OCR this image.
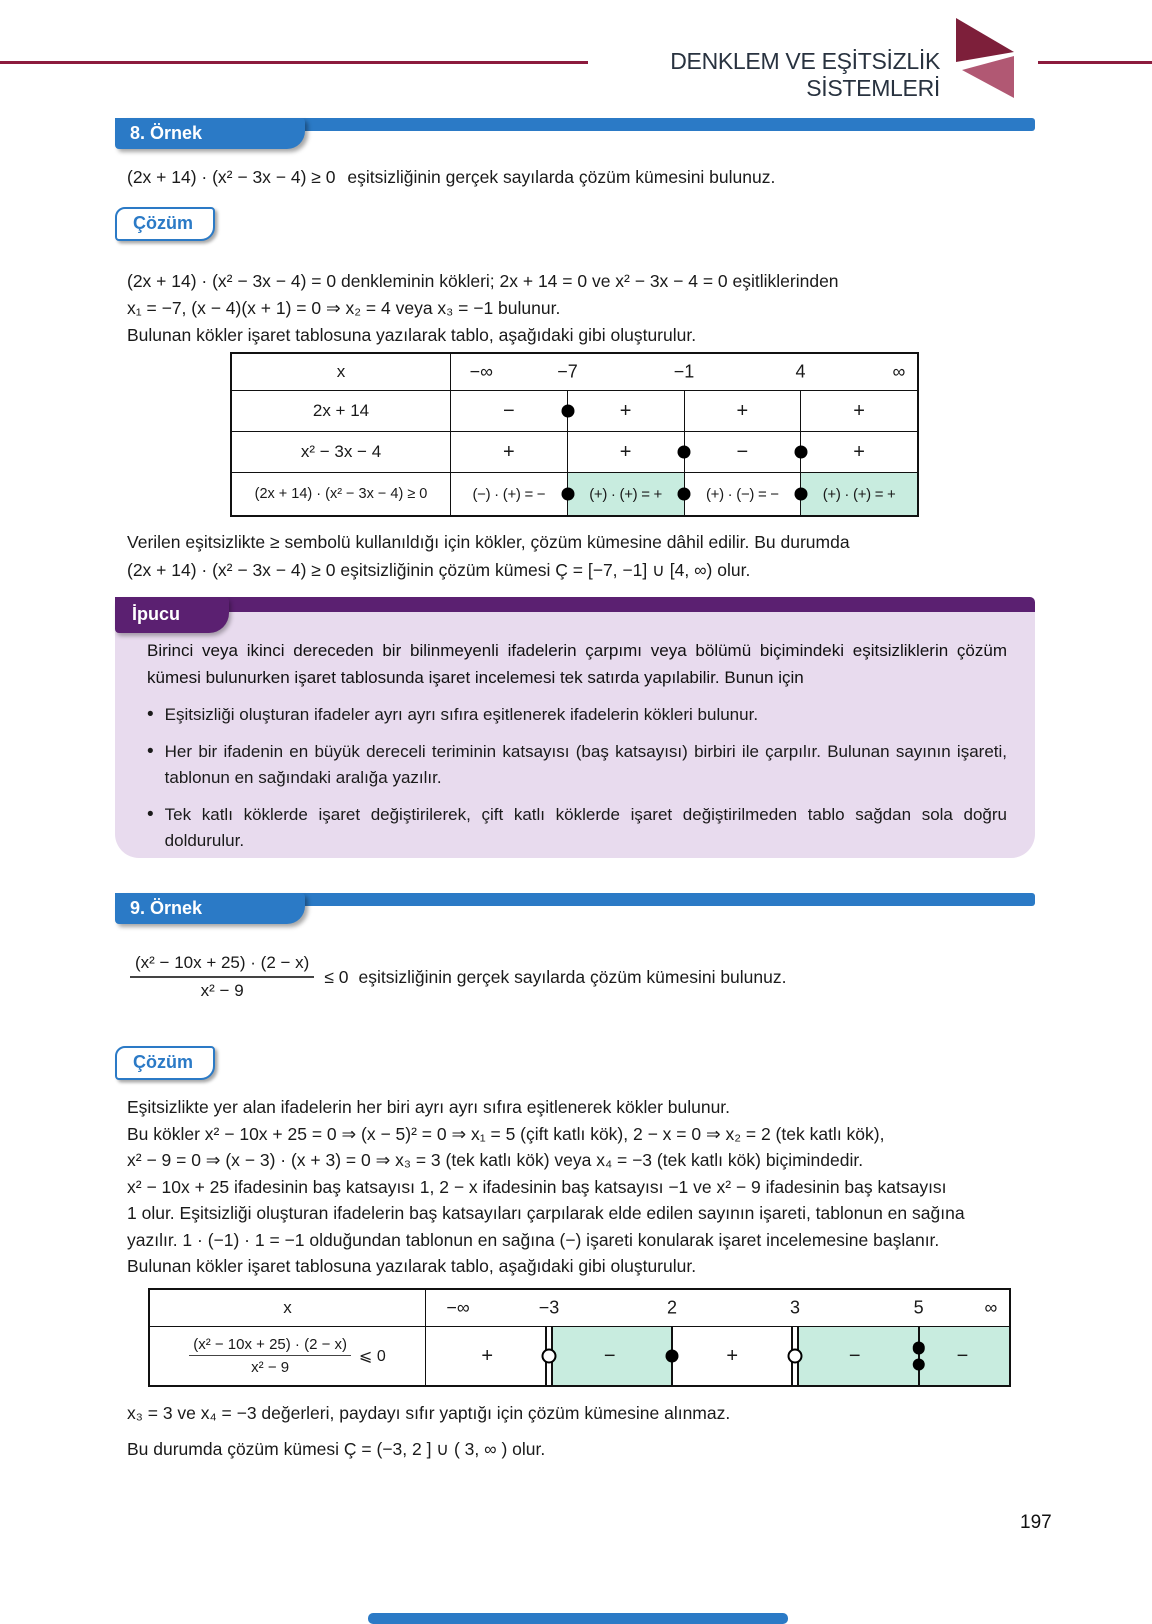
DENKLEM VE EŞİTSİZLİK SİSTEMLERİ
8. Örnek
(2x + 14) · (x² − 3x − 4) ≥ 0 eşitsizliğinin gerçek sayılarda çözüm kümesini bulunuz.
Çözüm
(2x + 14) · (x² − 3x − 4) = 0 denkleminin kökleri; 2x + 14 = 0 ve x² − 3x − 4 = 0 eşitliklerinden
x₁ = −7, (x − 4)(x + 1) = 0 ⇒ x₂ = 4 veya x₃ = −1 bulunur.
Bulunan kökler işaret tablosuna yazılarak tablo, aşağıdaki gibi oluşturulur.
x	−∞	−7	−1	4	∞
2x + 14	−	+	+	+
x² − 3x − 4	+	+	−	+
(2x + 14) · (x² − 3x − 4) ≥ 0	(−) · (+) = −	(+) · (+) = +	(+) · (−) = −	(+) · (+) = +
Verilen eşitsizlikte ≥ sembolü kullanıldığı için kökler, çözüm kümesine dâhil edilir. Bu durumda
(2x + 14) · (x² − 3x − 4) ≥ 0 eşitsizliğinin çözüm kümesi Ç = [−7, −1] ∪ [4, ∞) olur.
Birinci veya ikinci dereceden bir bilinmeyenli ifadelerin çarpımı veya bölümü biçimindeki eşitsizliklerin çözüm kümesi bulunurken işaret tablosunda işaret incelemesi tek satırda yapılabilir. Bunun için
• Eşitsizliği oluşturan ifadeler ayrı ayrı sıfıra eşitlenerek ifadelerin kökleri bulunur.
• Her bir ifadenin en büyük dereceli teriminin katsayısı (baş katsayısı) birbiri ile çarpılır. Bulunan sayının işareti, tablonun en sağındaki aralığa yazılır.
• Tek katlı köklerde işaret değiştirilerek, çift katlı köklerde işaret değiştirilmeden tablo sağdan sola doğru doldurulur.
İpucu
9. Örnek
$\frac{\text{(x² − 10x + 25) · (2 − x)}}{\text{x² − 9}} \le 0$ eşitsizliğinin gerçek sayılarda çözüm kümesini bulunuz.
Çözüm
Eşitsizlikte yer alan ifadelerin her biri ayrı ayrı sıfıra eşitlenerek kökler bulunur.
Bu kökler x² − 10x + 25 = 0 ⇒ (x − 5)² = 0 ⇒ x₁ = 5 (çift katlı kök), 2 − x = 0 ⇒ x₂ = 2 (tek katlı kök),
x² − 9 = 0 ⇒ (x − 3) · (x + 3) = 0 ⇒ x₃ = 3 (tek katlı kök) veya x₄ = −3 (tek katlı kök) biçimindedir.
x² − 10x + 25 ifadesinin baş katsayısı 1, 2 − x ifadesinin baş katsayısı −1 ve x² − 9 ifadesinin baş katsayısı
1 olur. Eşitsizliği oluşturan ifadelerin baş katsayıları çarpılarak elde edilen sayının işareti, tablonun en sağına
yazılır. 1 · (−1) · 1 = −1 olduğundan tablonun en sağına (−) işareti konularak işaret incelemesine başlanır.
Bulunan kökler işaret tablosuna yazılarak tablo, aşağıdaki gibi oluşturulur.
x	−∞	−3	2	3	5	∞
$\frac{\text{(x² − 10x + 25) · (2 − x)}}{\text{x² − 9}}$ ⩽ 0	+	−	+	−	−
x₃ = 3 ve x₄ = −3 değerleri, paydayı sıfır yaptığı için çözüm kümesine alınmaz.
Bu durumda çözüm kümesi Ç = (−3, 2 ] ∪ ( 3, ∞ ) olur.
197
